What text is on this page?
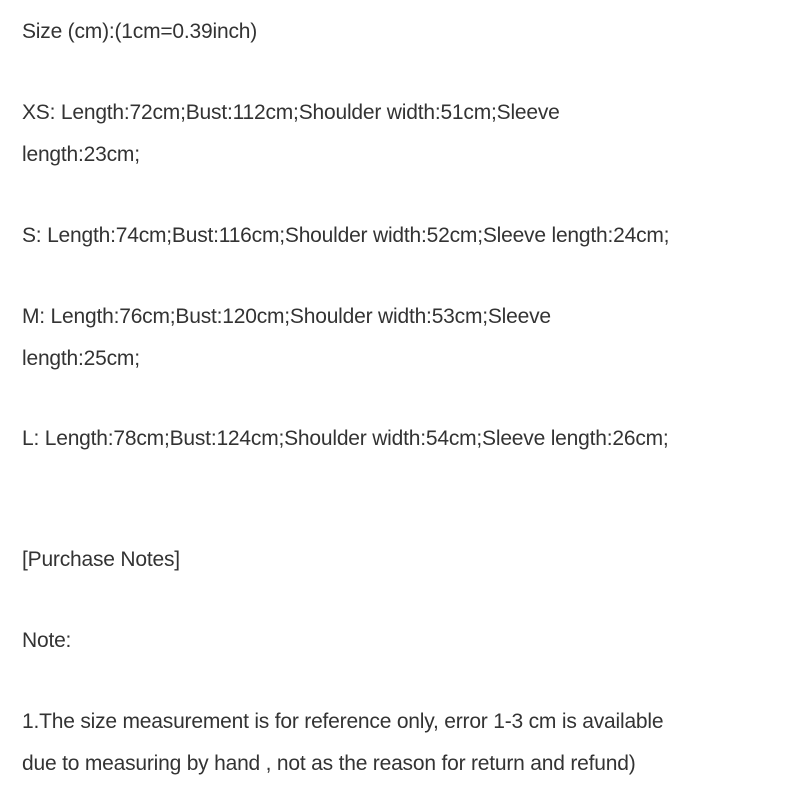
Size (cm):(1cm=0.39inch)
XS: Length:72cm;Bust:112cm;Shoulder width:51cm;Sleeve
length:23cm;
S: Length:74cm;Bust:116cm;Shoulder width:52cm;Sleeve length:24cm;
M: Length:76cm;Bust:120cm;Shoulder width:53cm;Sleeve
length:25cm;
L: Length:78cm;Bust:124cm;Shoulder width:54cm;Sleeve length:26cm;
[Purchase Notes]
Note:
1.The size measurement is for reference only, error 1-3 cm is available
due to measuring by hand , not as the reason for return and refund)
